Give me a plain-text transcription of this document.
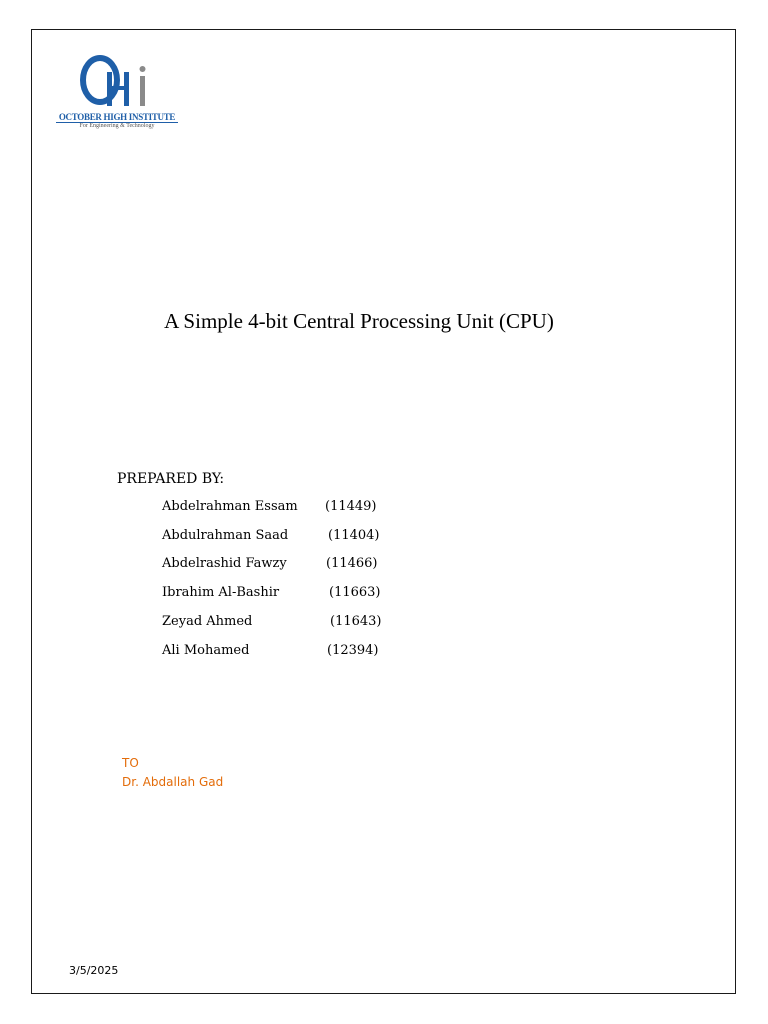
OCTOBER HIGH INSTITUTE
For Engineering & Technology
A Simple 4-bit Central Processing Unit (CPU)
PREPARED BY:
Abdelrahman Essam (11449)
Abdulrahman Saad	(11404)
Abdelrashid Fawzy	(11466)
Ibrahim Al-Bashir	(11663)
Zeyad Ahmed	(11643)
Ali Mohamed	(12394)
TO
Dr. Abdallah Gad
3/5/2025
